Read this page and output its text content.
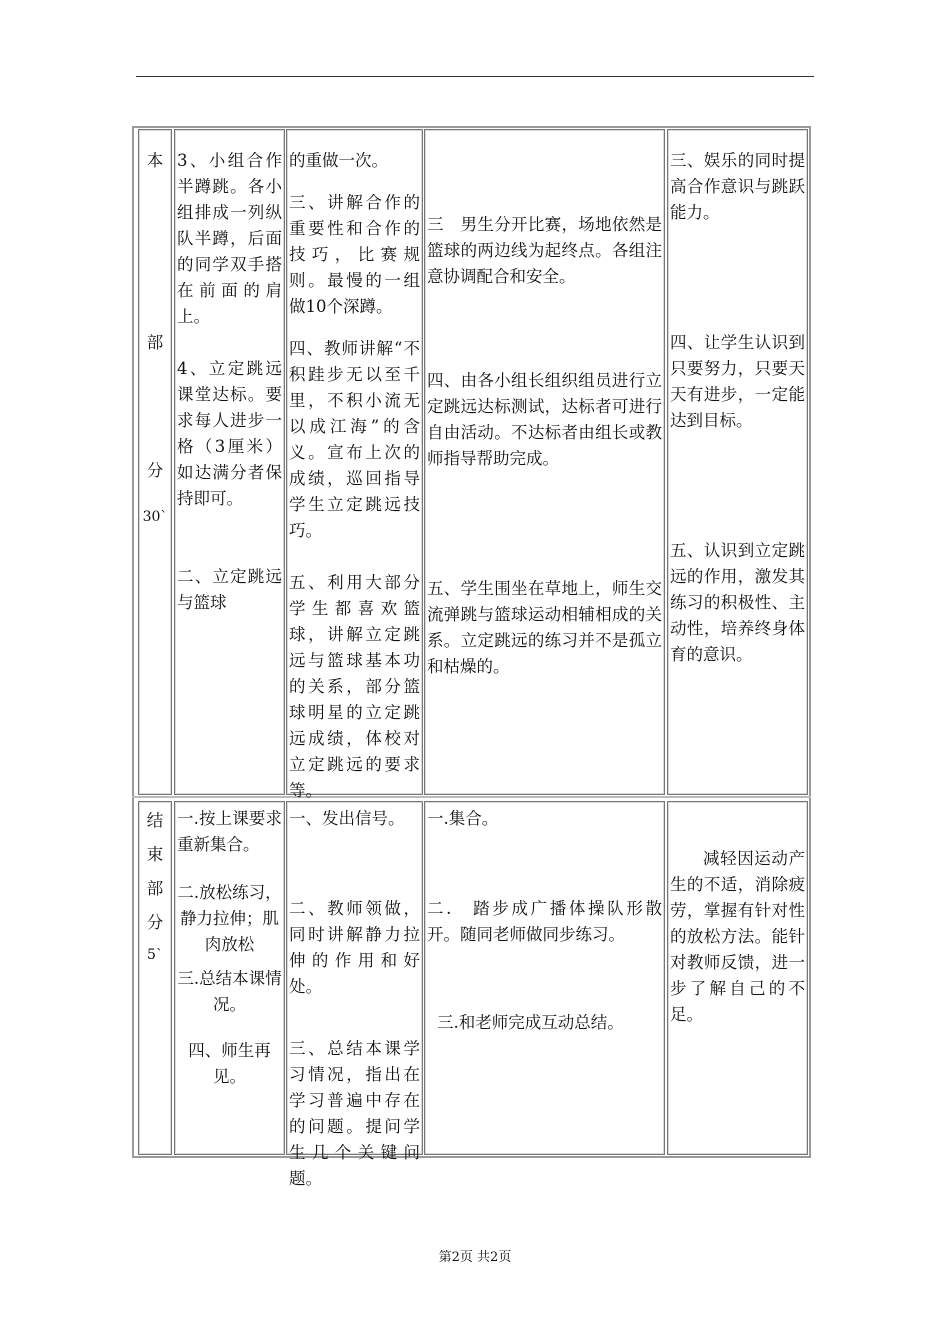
本
部
分
30`
3、小组合作半蹲跳。各小组排成一列纵队半蹲，后面的同学双手搭在前面的肩上。
4、立定跳远课堂达标。要求每人进步一格（3厘米）如达满分者保持即可。
二、立定跳远与篮球
的重做一次。
三、讲解合作的重要性和合作的技巧，比赛规则。最慢的一组做10个深蹲。
四、教师讲解“不积跬步无以至千里，不积小流无以成江海”的含义。宣布上次的成绩，巡回指导学生立定跳远技巧。
五、利用大部分学生都喜欢篮球，讲解立定跳远与篮球基本功的关系，部分篮球明星的立定跳远成绩，体校对立定跳远的要求等。
三　男生分开比赛，场地依然是篮球的两边线为起终点。各组注意协调配合和安全。
四、由各小组长组织组员进行立定跳远达标测试，达标者可进行自由活动。不达标者由组长或教师指导帮助完成。
五、学生围坐在草地上，师生交流弹跳与篮球运动相辅相成的关系。立定跳远的练习并不是孤立和枯燥的。
三、娱乐的同时提高合作意识与跳跃能力。
四、让学生认识到只要努力，只要天天有进步，一定能达到目标。
五、认识到立定跳远的作用，激发其练习的积极性、主动性，培养终身体育的意识。
结
束
部
分
5`
一.按上课要求重新集合。
二.放松练习，静力拉伸；肌肉放松
三.总结本课情况。
四、师生再见。
一、发出信号。
二、教师领做，同时讲解静力拉伸的作用和好处。
三、总结本课学习情况，指出在学习普遍中存在的问题。提问学生几个关键问题。
一.集合。
二.　踏步成广播体操队形散开。随同老师做同步练习。
三.和老师完成互动总结。
减轻因运动产生的不适，消除疲劳，掌握有针对性的放松方法。能针对教师反馈，进一步了解自己的不足。
第2页 共2页
